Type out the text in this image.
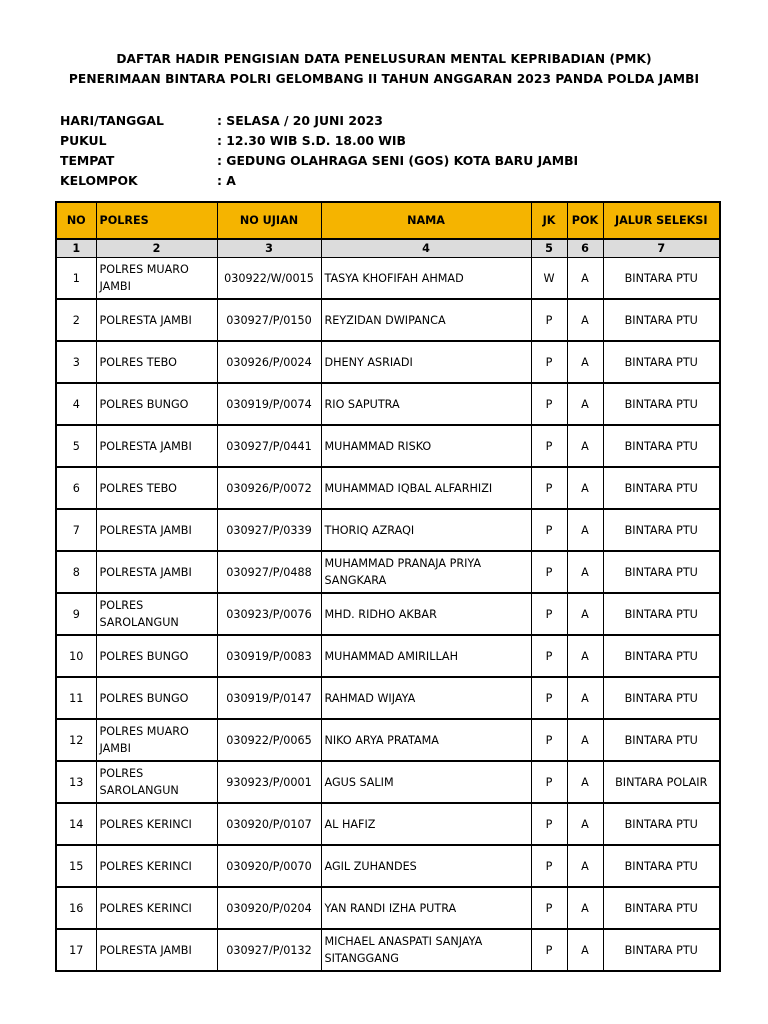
DAFTAR HADIR PENGISIAN DATA PENELUSURAN MENTAL KEPRIBADIAN (PMK)
PENERIMAAN BINTARA POLRI GELOMBANG II TAHUN ANGGARAN 2023 PANDA POLDA JAMBI
HARI/TANGGAL	: SELASA / 20 JUNI 2023
PUKUL	: 12.30 WIB S.D. 18.00 WIB
TEMPAT	: GEDUNG OLAHRAGA SENI (GOS) KOTA BARU JAMBI
KELOMPOK	: A
NO	POLRES	NO UJIAN	NAMA	JK	POK	JALUR SELEKSI
1	2	3	4	5	6	7
1	POLRES MUARO JAMBI	030922/W/0015	TASYA KHOFIFAH AHMAD	W	A	BINTARA PTU
2	POLRESTA JAMBI	030927/P/0150	REYZIDAN DWIPANCA	P	A	BINTARA PTU
3	POLRES TEBO	030926/P/0024	DHENY ASRIADI	P	A	BINTARA PTU
4	POLRES BUNGO	030919/P/0074	RIO SAPUTRA	P	A	BINTARA PTU
5	POLRESTA JAMBI	030927/P/0441	MUHAMMAD RISKO	P	A	BINTARA PTU
6	POLRES TEBO	030926/P/0072	MUHAMMAD IQBAL ALFARHIZI	P	A	BINTARA PTU
7	POLRESTA JAMBI	030927/P/0339	THORIQ AZRAQI	P	A	BINTARA PTU
8	POLRESTA JAMBI	030927/P/0488	MUHAMMAD PRANAJA PRIYA SANGKARA	P	A	BINTARA PTU
9	POLRES SAROLANGUN	030923/P/0076	MHD. RIDHO AKBAR	P	A	BINTARA PTU
10	POLRES BUNGO	030919/P/0083	MUHAMMAD AMIRILLAH	P	A	BINTARA PTU
11	POLRES BUNGO	030919/P/0147	RAHMAD WIJAYA	P	A	BINTARA PTU
12	POLRES MUARO JAMBI	030922/P/0065	NIKO ARYA PRATAMA	P	A	BINTARA PTU
13	POLRES SAROLANGUN	930923/P/0001	AGUS SALIM	P	A	BINTARA POLAIR
14	POLRES KERINCI	030920/P/0107	AL HAFIZ	P	A	BINTARA PTU
15	POLRES KERINCI	030920/P/0070	AGIL ZUHANDES	P	A	BINTARA PTU
16	POLRES KERINCI	030920/P/0204	YAN RANDI IZHA PUTRA	P	A	BINTARA PTU
17	POLRESTA JAMBI	030927/P/0132	MICHAEL ANASPATI SANJAYA SITANGGANG	P	A	BINTARA PTU
